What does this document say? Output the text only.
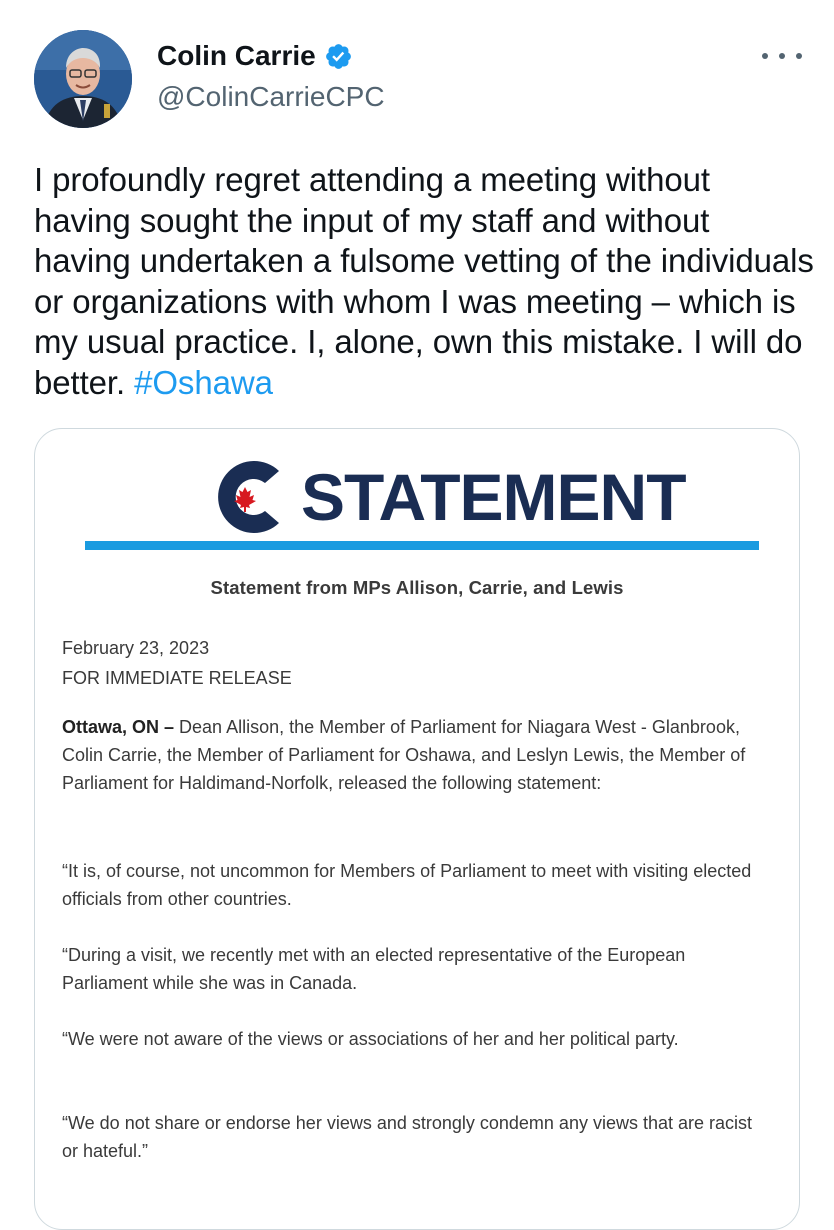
Colin Carrie
@ColinCarrieCPC
I profoundly regret attending a meeting without having sought the input of my staff and without having undertaken a fulsome vetting of the individuals or organizations with whom I was meeting – which is my usual practice. I, alone, own this mistake. I will do better. #Oshawa
STATEMENT
Statement from MPs Allison, Carrie, and Lewis
February 23, 2023
FOR IMMEDIATE RELEASE
Ottawa, ON – Dean Allison, the Member of Parliament for Niagara West - Glanbrook, Colin Carrie, the Member of Parliament for Oshawa, and Leslyn Lewis, the Member of Parliament for Haldimand-Norfolk, released the following statement:
“It is, of course, not uncommon for Members of Parliament to meet with visiting elected officials from other countries.
“During a visit, we recently met with an elected representative of the European Parliament while she was in Canada.
“We were not aware of the views or associations of her and her political party.
“We do not share or endorse her views and strongly condemn any views that are racist or hateful.”
